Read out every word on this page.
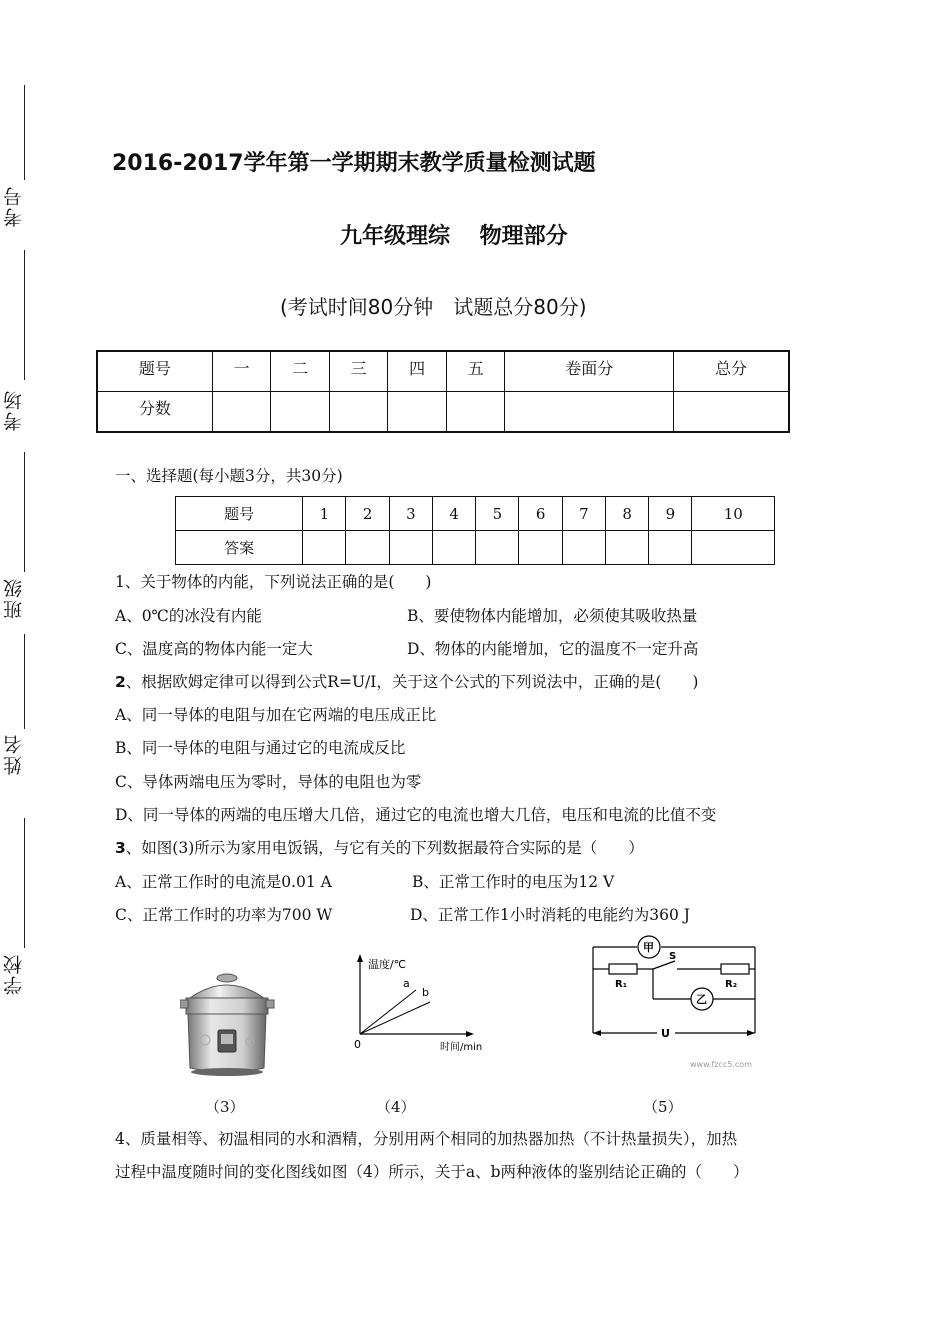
考号
考场
班级
姓名
学校
2016-2017学年第一学期期末教学质量检测试题
九年级理综　 物理部分
(考试时间80分钟　试题总分80分)
题号	一	二	三	四	五	卷面分	总分
分数							
一、选择题(每小题3分，共30分)
题号	1	2	3	4	5	6	7	8	9	10
答案										
1、关于物体的内能，下列说法正确的是(　　)
A、0℃的冰没有内能	B、要使物体内能增加，必须使其吸收热量
C、温度高的物体内能一定大	D、物体的内能增加，它的温度不一定升高
2、根据欧姆定律可以得到公式R=U/I，关于这个公式的下列说法中，正确的是(　　)
A、同一导体的电阻与加在它两端的电压成正比
B、同一导体的电阻与通过它的电流成反比
C、导体两端电压为零时，导体的电阻也为零
D、同一导体的两端的电压增大几倍，通过它的电流也增大几倍，电压和电流的比值不变
3、如图(3)所示为家用电饭锅，与它有关的下列数据最符合实际的是（　　）
A、正常工作时的电流是0.01 A	B、正常工作时的电压为12 V
C、正常工作时的功率为700 W	D、正常工作1小时消耗的电能约为360 J
温度/℃
时间/min
0
a
b
甲
R₁	R₂
S
乙
U
www.fzcc5.com
（3）	（4）	（5）
4、质量相等、初温相同的水和酒精，分别用两个相同的加热器加热（不计热量损失），加热
过程中温度随时间的变化图线如图（4）所示，关于a、b两种液体的鉴别结论正确的（　　）
